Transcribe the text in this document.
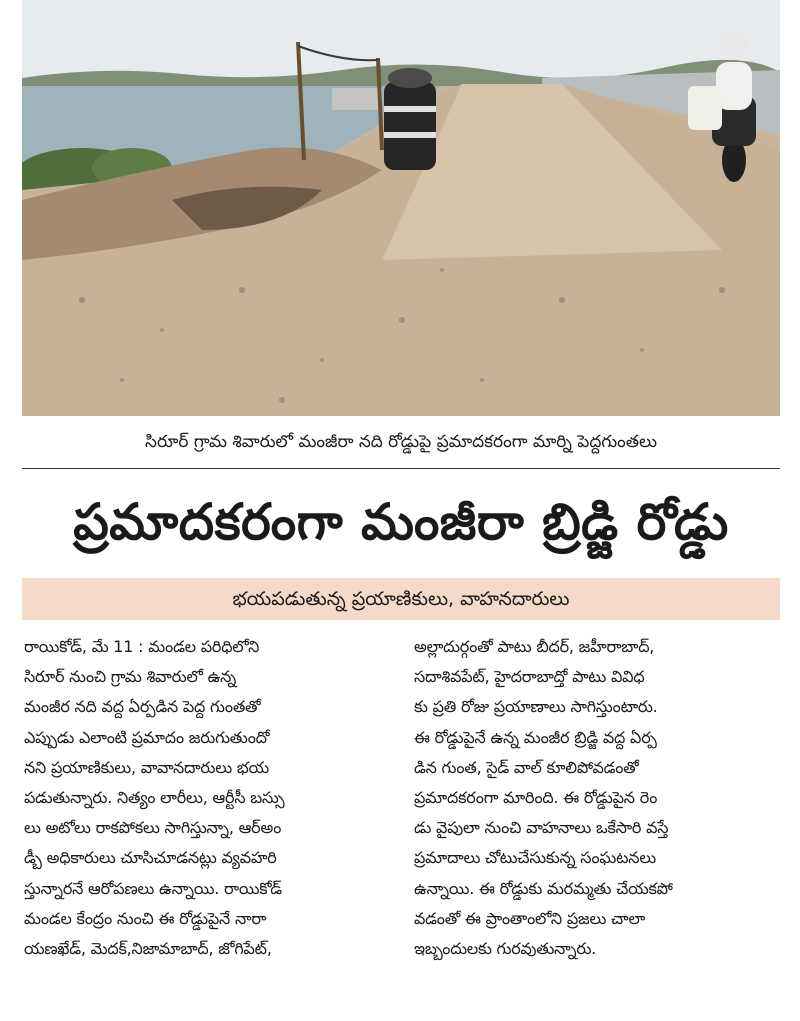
సిరూర్ గ్రామ శివారులో మంజీరా నది రోడ్డుపై ప్రమాదకరంగా మార్ని పెద్దగుంతలు
ప్రమాదకరంగా మంజీరా బ్రిడ్జి రోడ్డు
భయపడుతున్న ప్రయాణికులు, వాహనదారులు

రాయికోడ్, మే 11 : మండల పరిధిలోని

సిరూర్ నుంచి గ్రామ శివారులో ఉన్న

మంజీర నది వద్ద ఏర్పడిన పెద్ద గుంతతో

ఎప్పుడు ఎలాంటి ప్రమాదం జరుగుతుందో

నని ప్రయాణికులు, వావానదారులు భయ

పడుతున్నారు. నిత్యం లారీలు, ఆర్టీసీ బస్సు

లు అటోలు రాకపోకలు సాగిస్తున్నా, ఆర్అం

డ్బీ అధికారులు చూసిచూడనట్లు వ్యవహరి

స్తున్నారనే ఆరోపణలు ఉన్నాయి. రాయికోడ్

మండల కేంద్రం నుంచి ఈ రోడ్డుపైనే నారా

యణఖేడ్, మెదక్,నిజామాబాద్, జోగిపేట్,

అల్లాదుర్గంతో పాటు బీదర్, జహీరాబాద్,

సదాశివపేట్, హైదరాబాద్తో పాటు వివిధ

కు ప్రతి రోజు ప్రయాణాలు సాగిస్తుంటారు.

ఈ రోడ్డుపైనే ఉన్న మంజీర బ్రిడ్జి వద్ద ఏర్ప

డిన గుంత, సైడ్ వాల్ కూలిపోవడంతో

ప్రమాదకరంగా మారింది. ఈ రోడ్డుపైన రెం

డు వైపులా నుంచి వాహనాలు ఒకేసారి వస్తే

ప్రమాదాలు చోటుచేసుకున్న సంఘటనలు

ఉన్నాయి. ఈ రోడ్డుకు మరమ్మతు చేయకపో

వడంతో ఈ ప్రాంతాంలోని ప్రజలు చాలా

ఇబ్బందులకు గురవుతున్నారు.
